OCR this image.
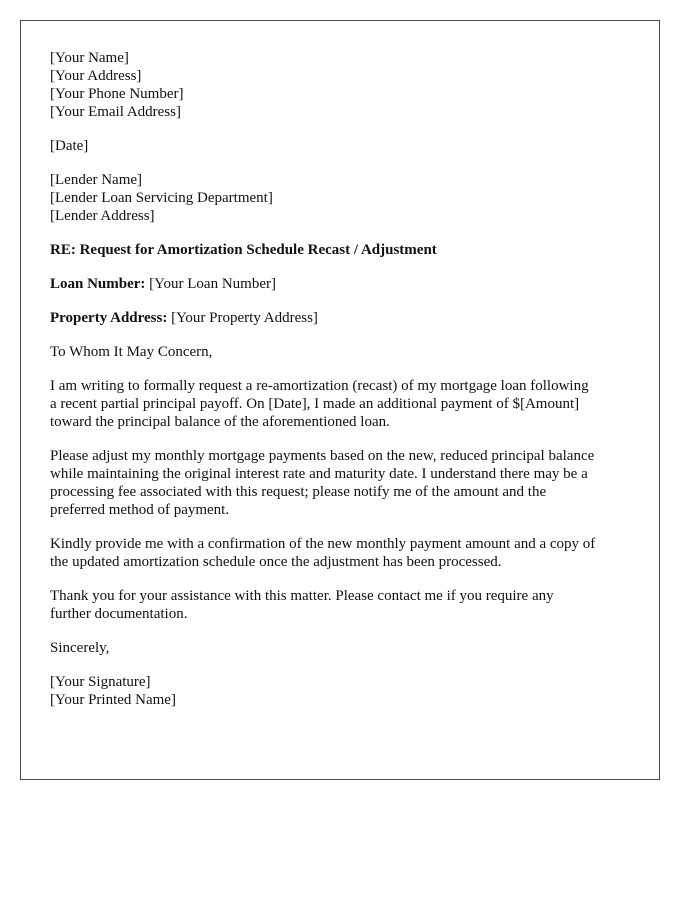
[Your Name]
[Your Address]
[Your Phone Number]
[Your Email Address]
[Date]
[Lender Name]
[Lender Loan Servicing Department]
[Lender Address]
RE: Request for Amortization Schedule Recast / Adjustment
Loan Number: [Your Loan Number]
Property Address: [Your Property Address]
To Whom It May Concern,
I am writing to formally request a re-amortization (recast) of my mortgage loan following
a recent partial principal payoff. On [Date], I made an additional payment of $[Amount]
toward the principal balance of the aforementioned loan.
Please adjust my monthly mortgage payments based on the new, reduced principal balance
while maintaining the original interest rate and maturity date. I understand there may be a
processing fee associated with this request; please notify me of the amount and the
preferred method of payment.
Kindly provide me with a confirmation of the new monthly payment amount and a copy of
the updated amortization schedule once the adjustment has been processed.
Thank you for your assistance with this matter. Please contact me if you require any
further documentation.
Sincerely,
[Your Signature]
[Your Printed Name]
